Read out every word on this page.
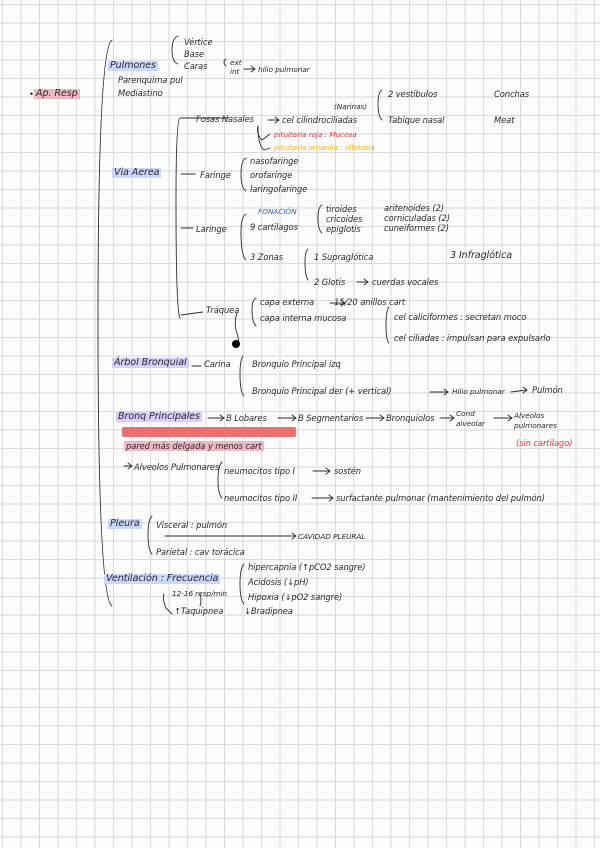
Ap. Resp
•
Pulmones
Vértice
Base
Caras	ext
int	hilio pulmonar
Parenquima pul
Mediastino
Via Aerea
Fosas Nasales	cel cilindrociliadas
(Narinas)
pituitaria roja : Mucosa
pituitaria amarilla : olfatoria
2 vestíbulos
Tabique nasal
Conchas
Meat
Faringe
nasofaringe
orofaringe
laringofaringe
Laringe
FONACIÓN
9 cartilagos
tiroides
cricoides
epiglotis
aritenoides (2)
corniculadas (2)
cuneiformes (2)
3 Zonas	1 Supraglótica	3 Infraglótica
2 Glotis	cuerdas vocales
Tráquea
capa externa 15/20 anillos cart
capa interna mucosa	cel caliciformes : secretan moco
cel ciliadas : impulsan para expulsarlo
Árbol Bronquial Carina	Bronquio Principal izq
Bronquio Principal der (+ vertical)	Hilio pulmonar	Pulmón
Bronq Principales	B Lobares	B Segmentarios	Bronquiolos	Cond alveolar
Alveolos pulmonares
(sin cartílago)
pared más delgada y menos cart
Alveolos Pulmonares neumocitos tipo I	sostén
neumocitos tipo II	surfactante pulmonar (mantenimiento del pulmón)
Pleura Visceral : pulmón
CAVIDAD PLEURAL
Parietal : cav torácica
Ventilación : Frecuencia
12-16 resp/min
hipercapnia (↑pCO2 sangre)
Acidosis (↓pH)
Hipoxia (↓pO2 sangre)
↑Taquipnea ↓Bradipnea
